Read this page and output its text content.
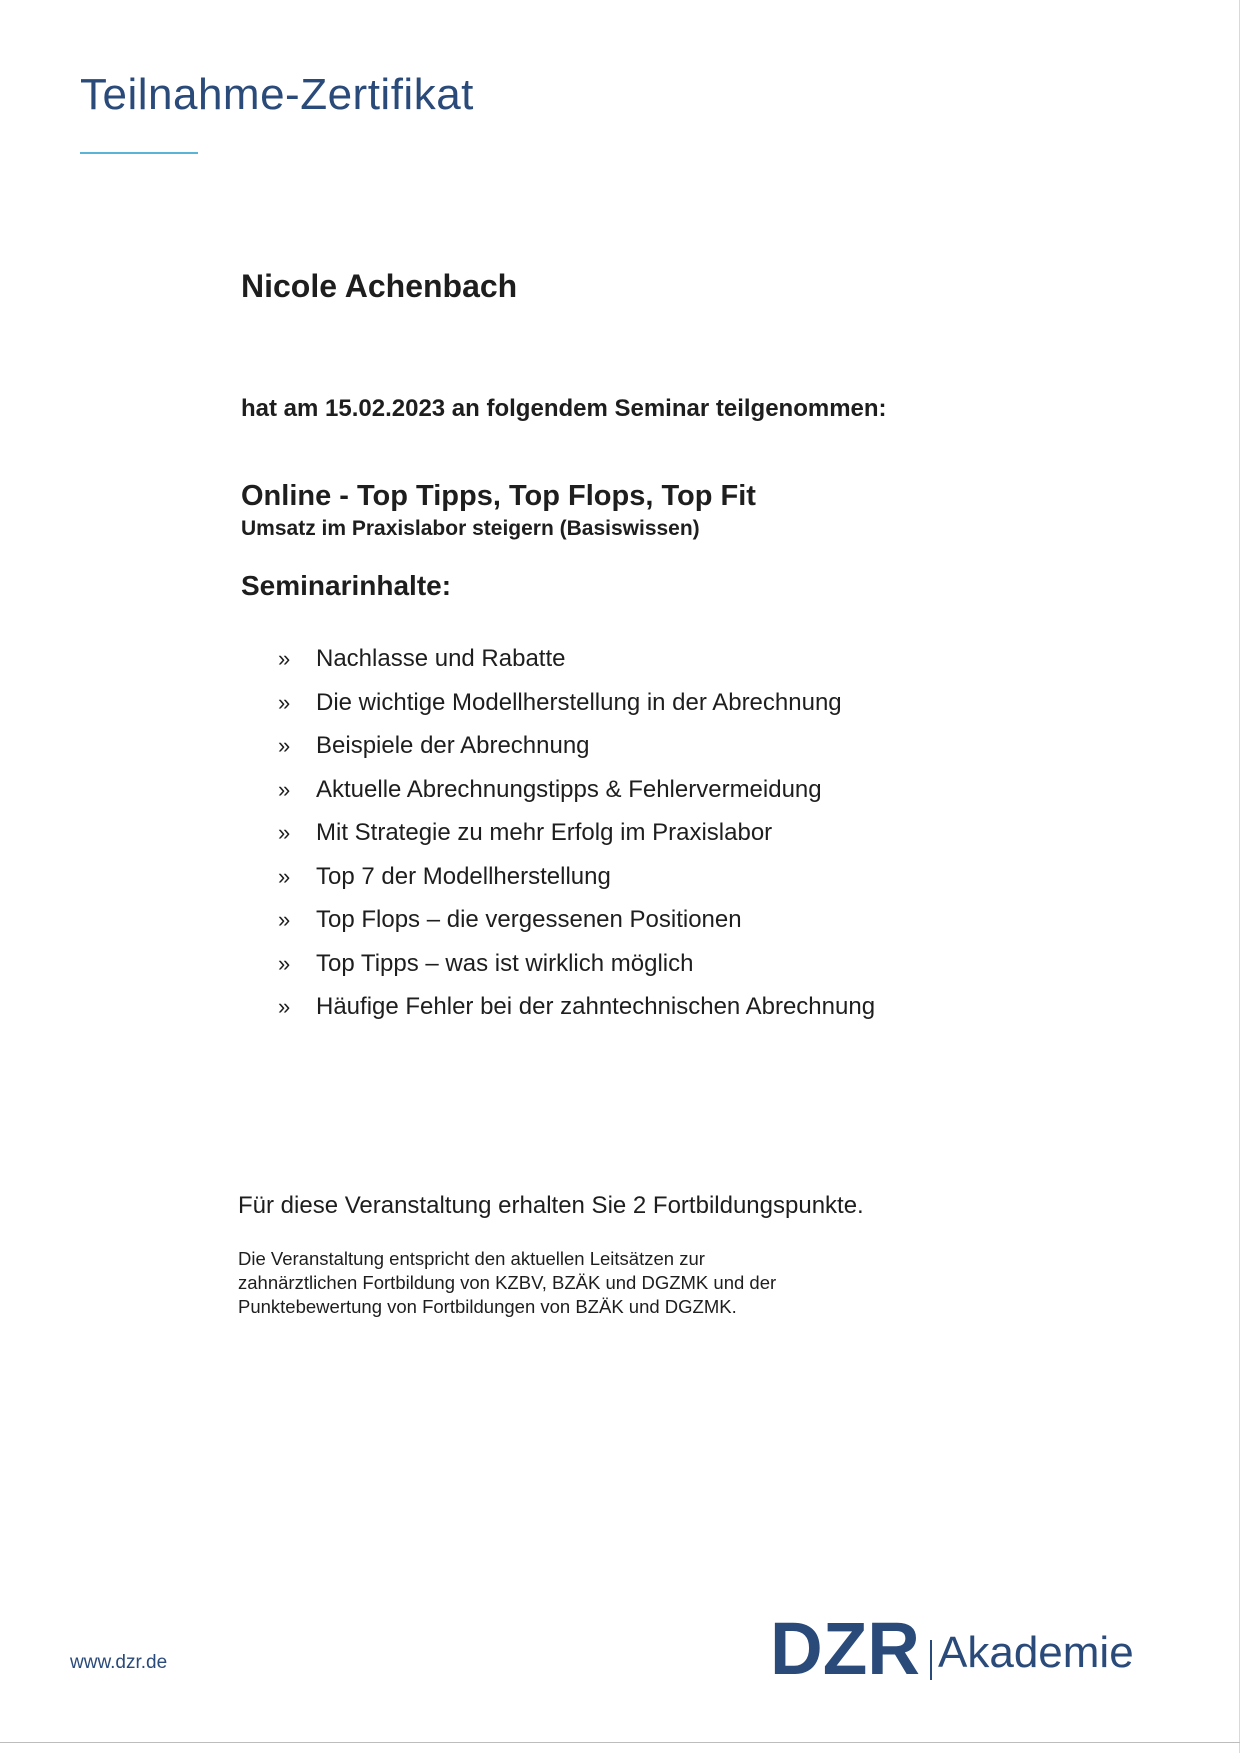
Teilnahme-Zertifikat
Nicole Achenbach
hat am 15.02.2023 an folgendem Seminar teilgenommen:
Online - Top Tipps, Top Flops, Top Fit
Umsatz im Praxislabor steigern (Basiswissen)
Seminarinhalte:
»	Nachlasse und Rabatte
»	Die wichtige Modellherstellung in der Abrechnung
»	Beispiele der Abrechnung
»	Aktuelle Abrechnungstipps & Fehlervermeidung
»	Mit Strategie zu mehr Erfolg im Praxislabor
»	Top 7 der Modellherstellung
»	Top Flops – die vergessenen Positionen
»	Top Tipps – was ist wirklich möglich
»	Häufige Fehler bei der zahntechnischen Abrechnung
Für diese Veranstaltung erhalten Sie 2 Fortbildungspunkte.
Die Veranstaltung entspricht den aktuellen Leitsätzen zur
zahnärztlichen Fortbildung von KZBV, BZÄK und DGZMK und der
Punktebewertung von Fortbildungen von BZÄK und DGZMK.
www.dzr.de	DZR Akademie
